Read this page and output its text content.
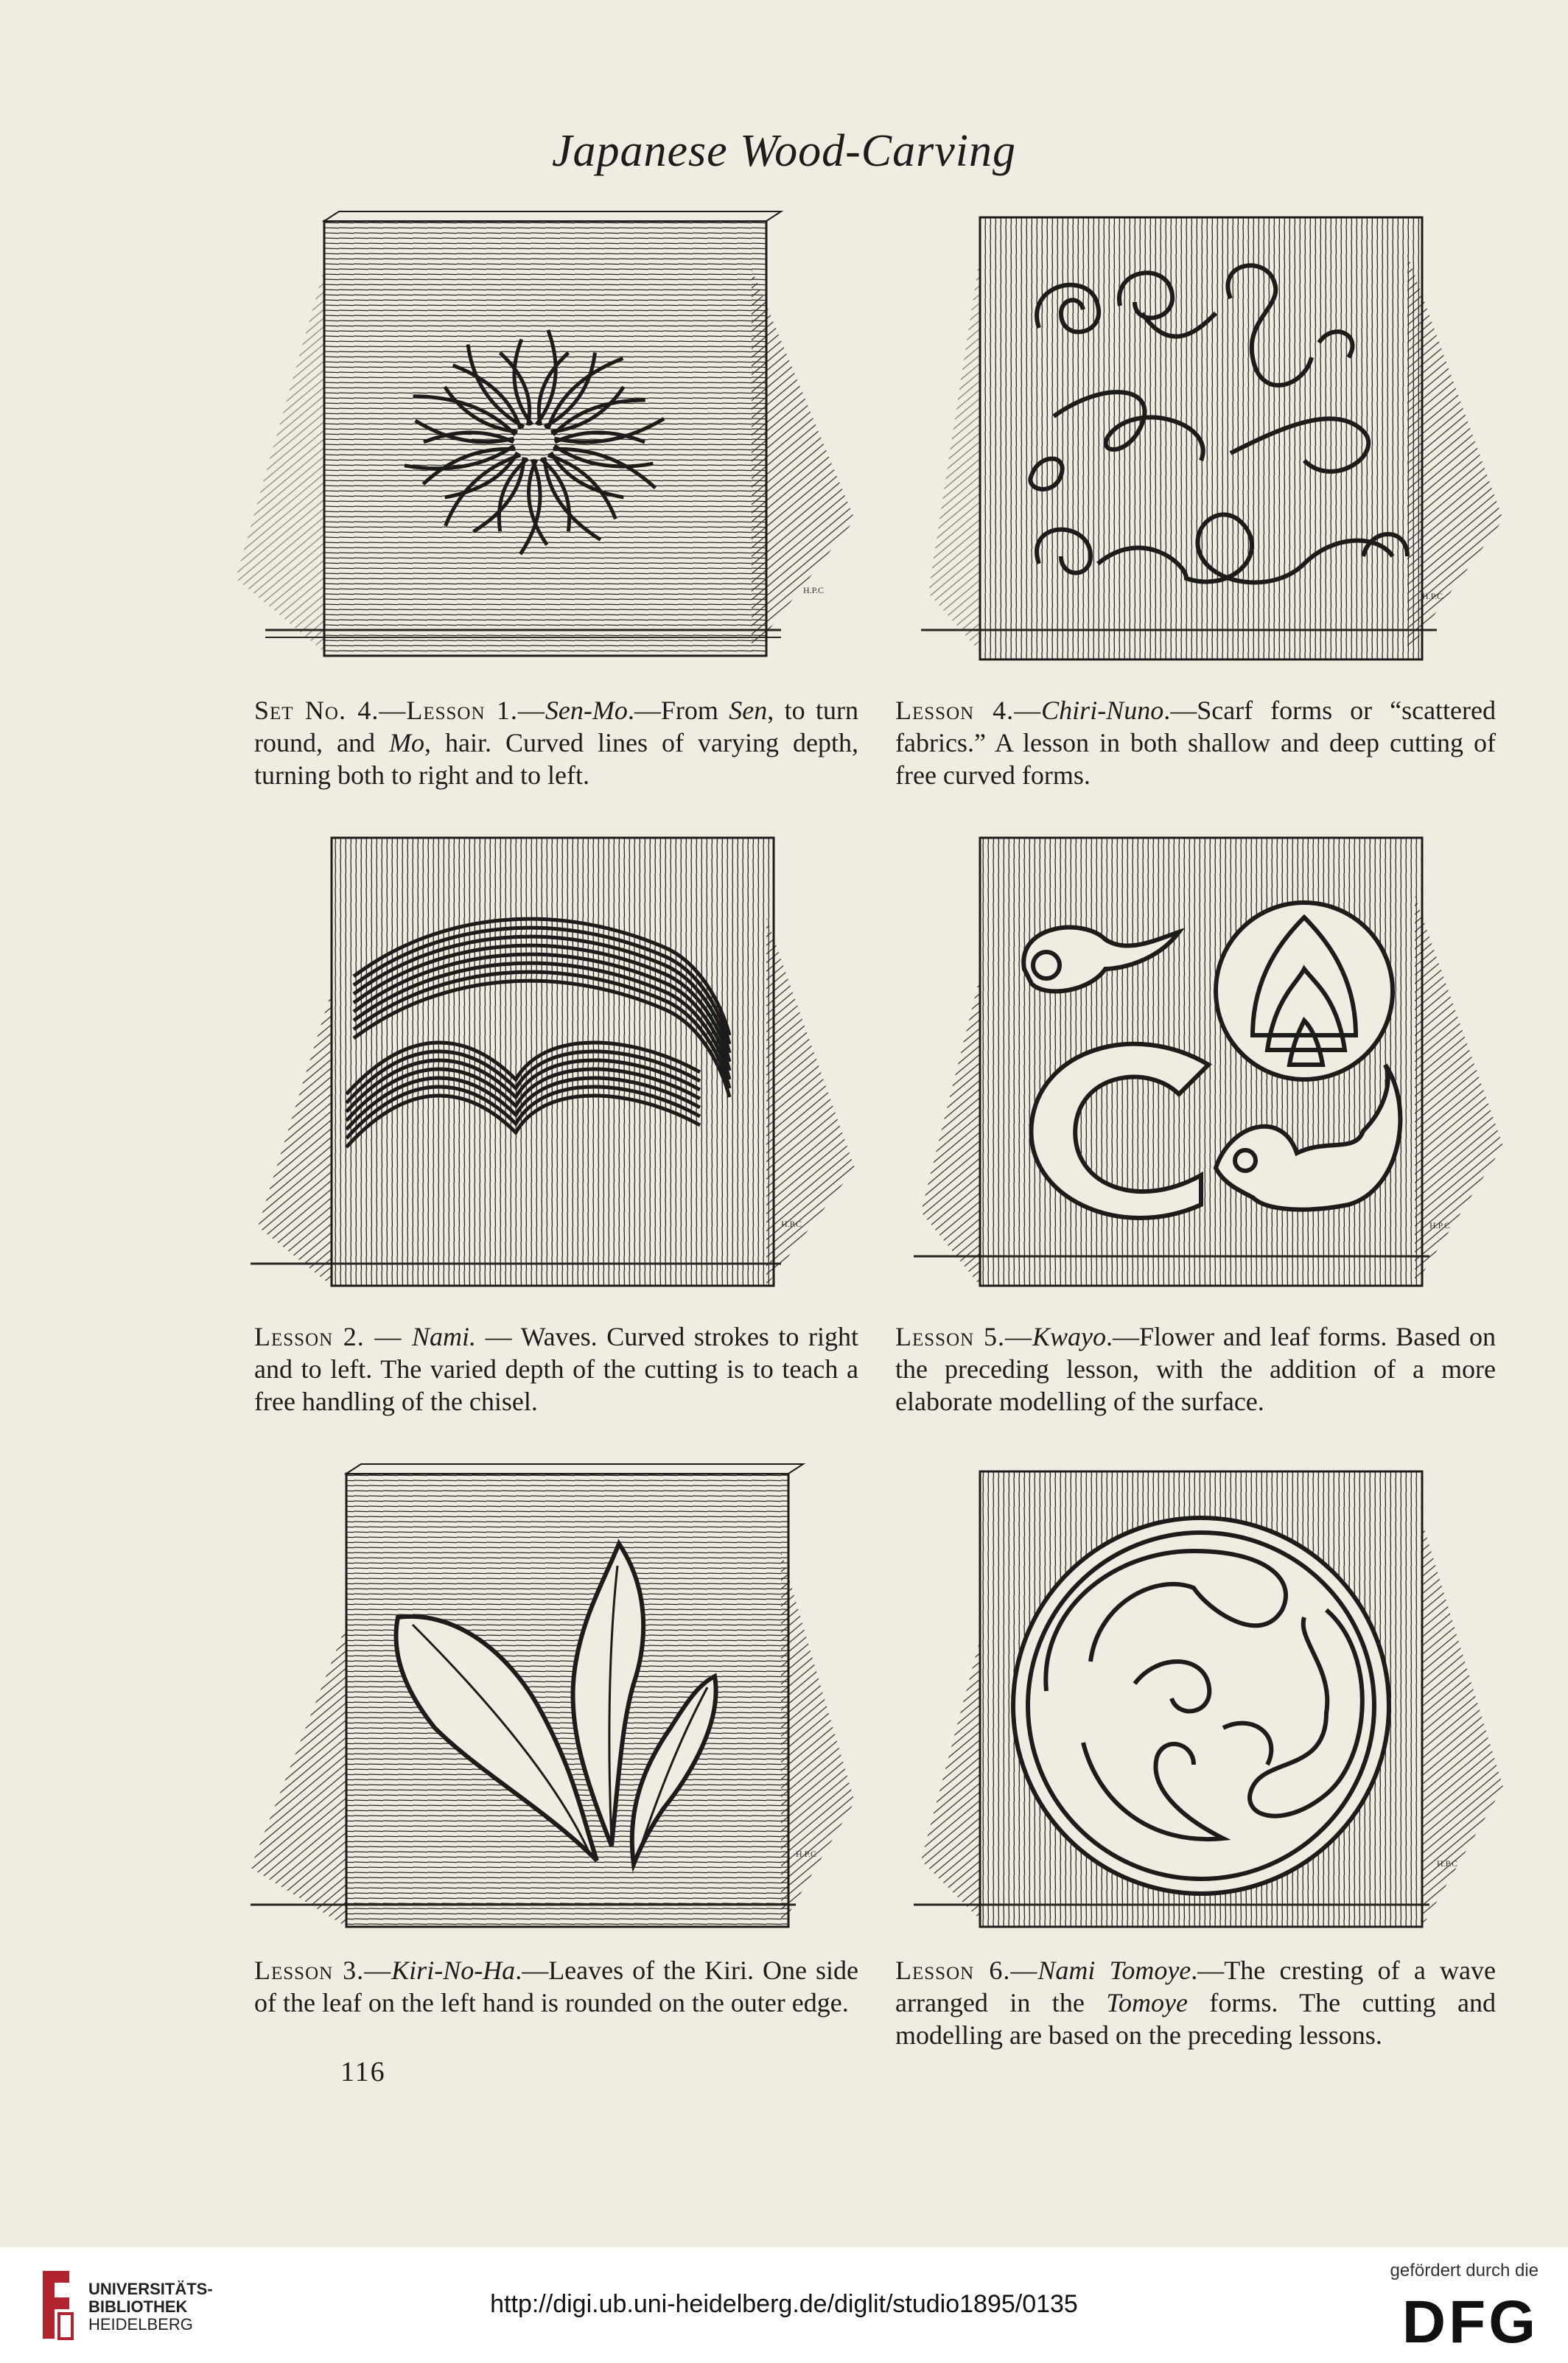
Japanese Wood-Carving
H.P.C
H.P.C
H.P.C	H.P.C
H.P.C
H.P.C
Set No. 4.—Lesson 1.—Sen-Mo.—From Sen, to turn round, and Mo, hair. Curved lines of varying depth, turning both to right and to left.
Lesson 4.—Chiri-Nuno.—Scarf forms or “scattered fabrics.” A lesson in both shallow and deep cutting of free curved forms.
Lesson 2. — Nami. — Waves. Curved strokes to right and to left. The varied depth of the cutting is to teach a free handling of the chisel.
Lesson 5.—Kwayo.—Flower and leaf forms. Based on the preceding lesson, with the addition of a more elaborate modelling of the surface.
Lesson 3.—Kiri-No-Ha.—Leaves of the Kiri. One side of the leaf on the left hand is rounded on the outer edge.
Lesson 6.—Nami Tomoye.—The cresting of a wave arranged in the Tomoye forms. The cutting and modelling are based on the preceding lessons.
116
UNIVERSITÄTS-
BIBLIOTHEK
HEIDELBERG
http://digi.ub.uni-heidelberg.de/diglit/studio1895/0135
gefördert durch die
DFG
